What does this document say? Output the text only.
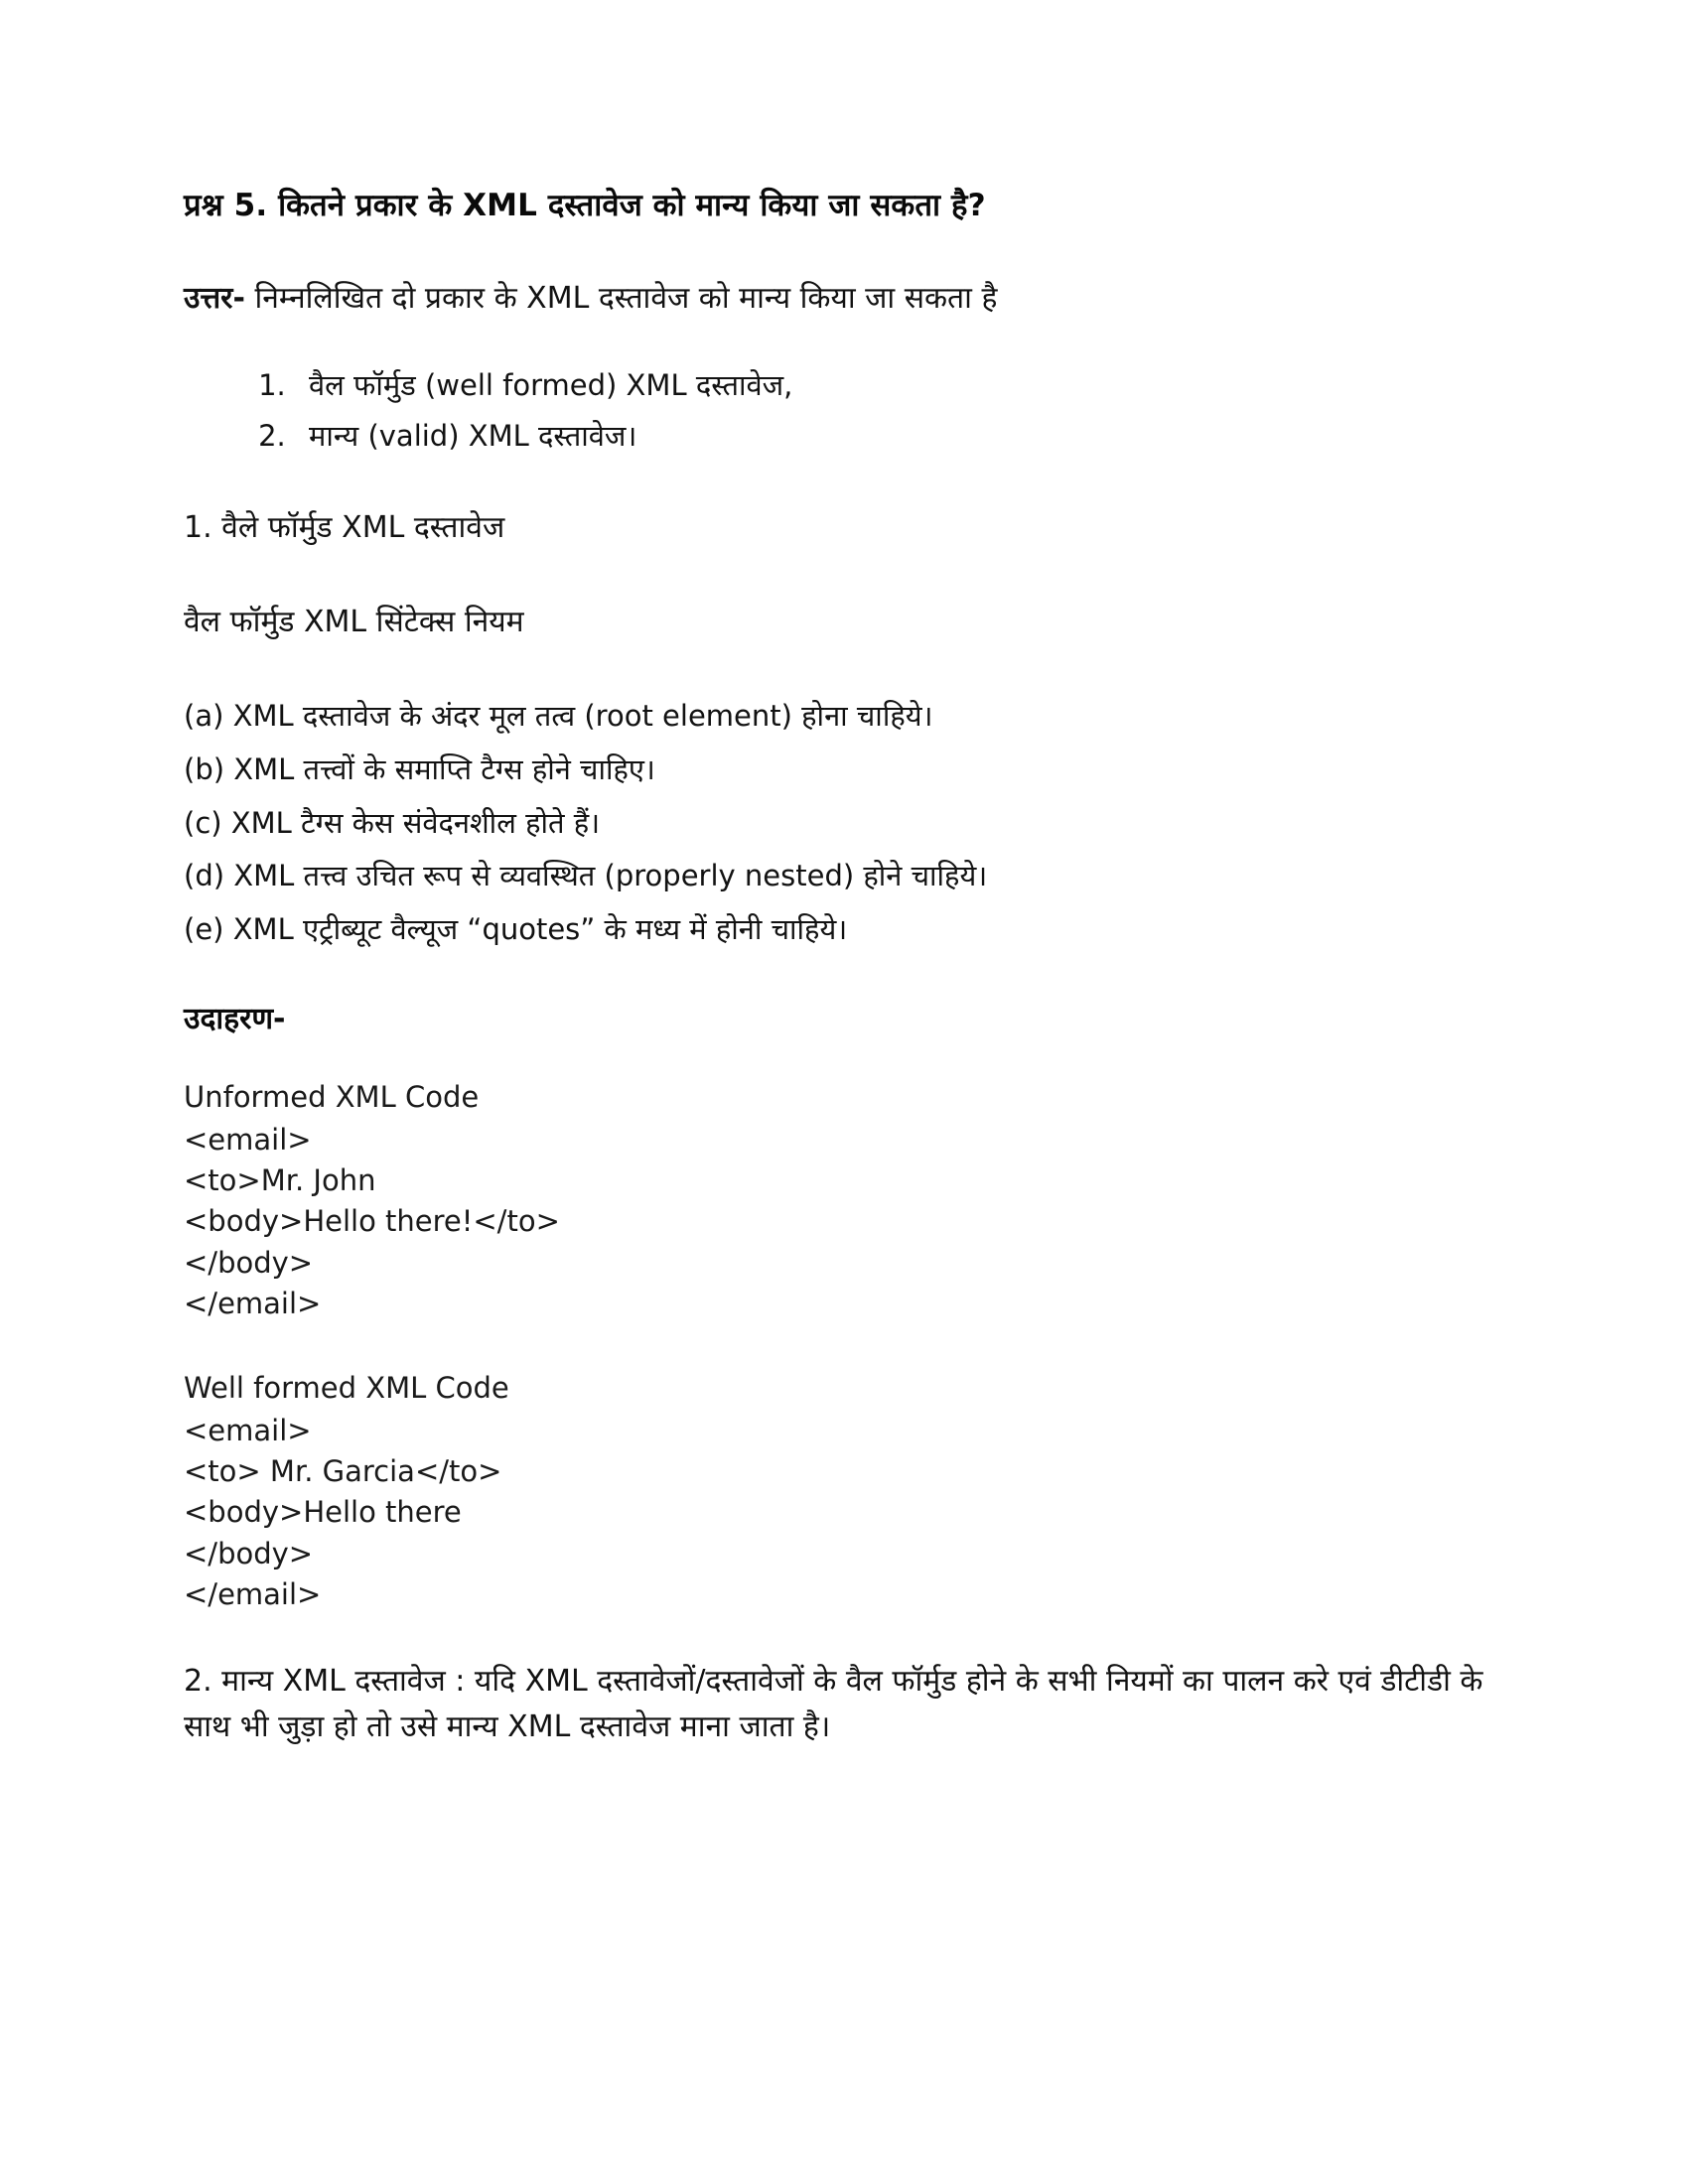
प्रश्न 5. कितने प्रकार के XML दस्तावेज को मान्य किया जा सकता है?

उत्तर- निम्नलिखित दो प्रकार के XML दस्तावेज को मान्य किया जा सकता है

1. वैल फॉर्मुड (well formed) XML दस्तावेज,
2. मान्य (valid) XML दस्तावेज।

1. वैले फॉर्मुड XML दस्तावेज

वैल फॉर्मुड XML सिंटेक्स नियम

(a) XML दस्तावेज के अंदर मूल तत्व (root element) होना चाहिये।

(b) XML तत्त्वों के समाप्ति टैग्स होने चाहिए।

(c) XML टैग्स केस संवेदनशील होते हैं।

(d) XML तत्त्व उचित रूप से व्यवस्थित (properly nested) होने चाहिये।

(e) XML एट्रीब्यूट वैल्यूज “quotes” के मध्य में होनी चाहिये।

उदाहरण-

Unformed XML Code

<email>

<to>Mr. John

<body>Hello there!</to>

</body>

</email>

Well formed XML Code

<email>

<to> Mr. Garcia</to>

<body>Hello there

</body>

</email>

2. मान्य XML दस्तावेज : यदि XML दस्तावेजों/दस्तावेजों के वैल फॉर्मुड होने के सभी नियमों का पालन करे एवं डीटीडी के साथ भी जुड़ा हो तो उसे मान्य XML दस्तावेज माना जाता है।
